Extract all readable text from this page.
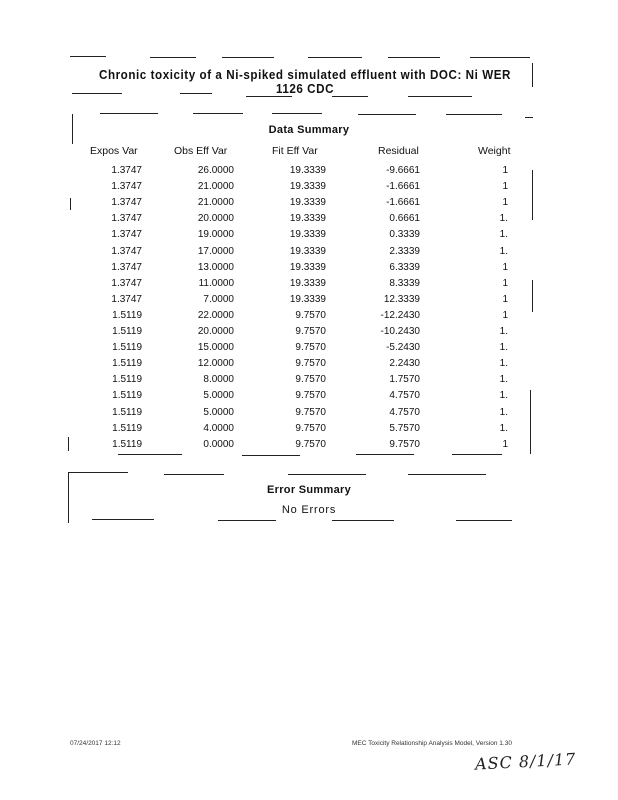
Chronic toxicity of a Ni-spiked simulated effluent with DOC: Ni WER 1126 CDC
Data Summary
Expos Var	Obs Eff Var	Fit Eff Var	Residual	Weight
1.3747	26.0000	19.3339	-9.6661	1
1.3747	21.0000	19.3339	-1.6661	1
1.3747	21.0000	19.3339	-1.6661	1
1.3747	20.0000	19.3339	0.6661	1.
1.3747	19.0000	19.3339	0.3339	1.
1.3747	17.0000	19.3339	2.3339	1.
1.3747	13.0000	19.3339	6.3339	1
1.3747	11.0000	19.3339	8.3339	1
1.3747	7.0000	19.3339	12.3339	1
1.5119	22.0000	9.7570	-12.2430	1
1.5119	20.0000	9.7570	-10.2430	1.
1.5119	15.0000	9.7570	-5.2430	1.
1.5119	12.0000	9.7570	2.2430	1.
1.5119	8.0000	9.7570	1.7570	1.
1.5119	5.0000	9.7570	4.7570	1.
1.5119	5.0000	9.7570	4.7570	1.
1.5119	4.0000	9.7570	5.7570	1.
1.5119	0.0000	9.7570	9.7570	1
Error Summary
No Errors
07/24/2017 12:12	MEC Toxicity Relationship Analysis Model, Version 1.30
ASC 8/1/17
